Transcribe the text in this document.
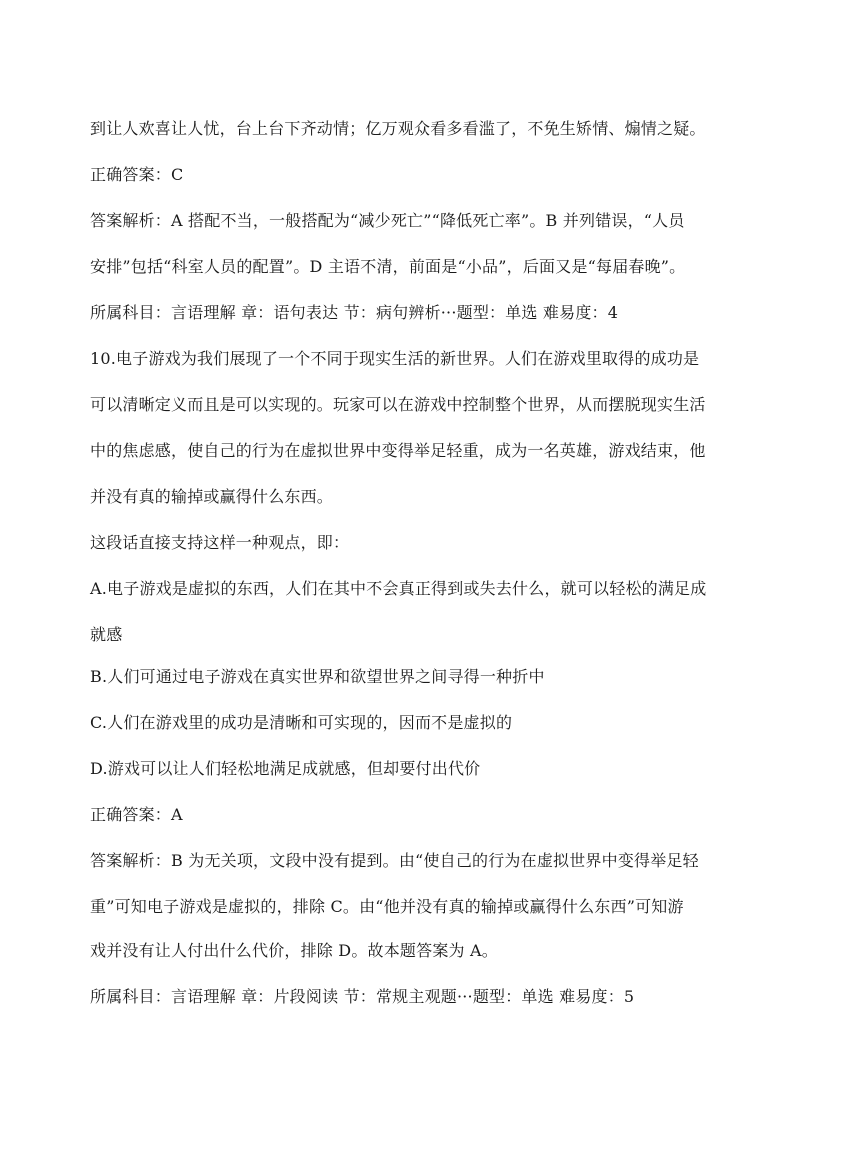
到让人欢喜让人忧，台上台下齐动情；亿万观众看多看滥了，不免生矫情、煽情之疑。
正确答案：C
答案解析：A 搭配不当，一般搭配为“减少死亡”“降低死亡率”。B 并列错误，“人员
安排”包括“科室人员的配置”。D 主语不清，前面是“小品”，后面又是“每届春晚”。
所属科目：言语理解 章：语句表达 节：病句辨析···题型：单选 难易度：4
10.电子游戏为我们展现了一个不同于现实生活的新世界。人们在游戏里取得的成功是
可以清晰定义而且是可以实现的。玩家可以在游戏中控制整个世界，从而摆脱现实生活
中的焦虑感，使自己的行为在虚拟世界中变得举足轻重，成为一名英雄，游戏结束，他
并没有真的输掉或赢得什么东西。
这段话直接支持这样一种观点，即：
A.电子游戏是虚拟的东西，人们在其中不会真正得到或失去什么，就可以轻松的满足成
就感
B.人们可通过电子游戏在真实世界和欲望世界之间寻得一种折中
C.人们在游戏里的成功是清晰和可实现的，因而不是虚拟的
D.游戏可以让人们轻松地满足成就感，但却要付出代价
正确答案：A
答案解析：B 为无关项，文段中没有提到。由“使自己的行为在虚拟世界中变得举足轻
重”可知电子游戏是虚拟的，排除 C。由“他并没有真的输掉或赢得什么东西”可知游
戏并没有让人付出什么代价，排除 D。故本题答案为 A。
所属科目：言语理解 章：片段阅读 节：常规主观题···题型：单选 难易度：5
